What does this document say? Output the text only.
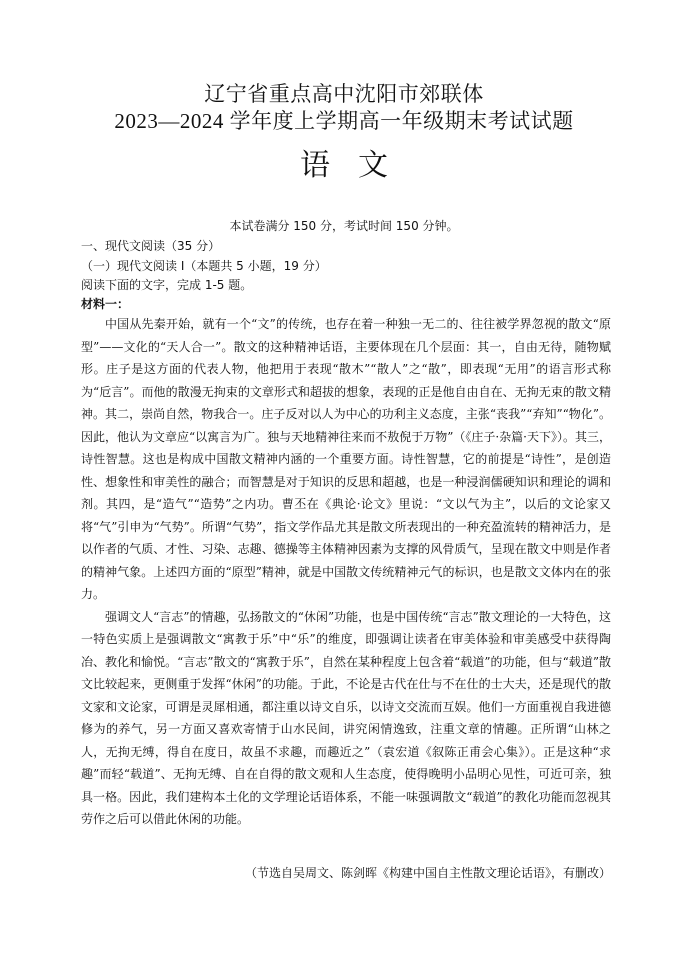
辽宁省重点高中沈阳市郊联体
2023—2024 学年度上学期高一年级期末考试试题
语文
本试卷满分 150 分，考试时间 150 分钟。
一、现代文阅读（35 分）
（一）现代文阅读 I（本题共 5 小题，19 分）
阅读下面的文字，完成 1-5 题。
材料一：

中国从先秦开始，就有一个“文”的传统，也存在着一种独一无二的、往往被学界忽视的散文“原型”——文化的“天人合一”。散文的这种精神话语，主要体现在几个层面：其一，自由无待，随物赋形。庄子是这方面的代表人物，他把用于表现“散木”“散人”之“散”，即表现“无用”的语言形式称为“卮言”。而他的散漫无拘束的文章形式和超拔的想象，表现的正是他自由自在、无拘无束的散文精神。其二，崇尚自然，物我合一。庄子反对以人为中心的功利主义态度，主张“丧我”“弃知”“物化”。因此，他认为文章应“以寓言为广。独与天地精神往来而不敖倪于万物”（《庄子·杂篇·天下》）。其三，诗性智慧。这也是构成中国散文精神内涵的一个重要方面。诗性智慧，它的前提是“诗性”，是创造性、想象性和审美性的融合；而智慧是对于知识的反思和超越，也是一种浸润儒硬知识和理论的调和剂。其四，是“造气”“造势”之内功。曹丕在《典论·论文》里说：“文以气为主”，以后的文论家又将“气”引申为“气势”。所谓“气势”，指文学作品尤其是散文所表现出的一种充盈流转的精神活力，是以作者的气质、才性、习染、志趣、德操等主体精神因素为支撑的风骨质气，呈现在散文中则是作者的精神气象。上述四方面的“原型”精神，就是中国散文传统精神元气的标识，也是散文文体内在的张力。

强调文人“言志”的情趣，弘扬散文的“休闲”功能，也是中国传统“言志”散文理论的一大特色，这一特色实质上是强调散文“寓教于乐”中“乐”的维度，即强调让读者在审美体验和审美感受中获得陶冶、教化和愉悦。“言志”散文的“寓教于乐”，自然在某种程度上包含着“载道”的功能，但与“载道”散文比较起来，更侧重于发挥“休闲”的功能。于此，不论是古代在仕与不在仕的士大夫，还是现代的散文家和文论家，可谓是灵犀相通，都注重以诗文自乐，以诗文交流而互娱。他们一方面重视自我进德修为的养气，另一方面又喜欢寄情于山水民间，讲究闲情逸致，注重文章的情趣。正所谓“山林之人，无拘无缚，得自在度日，故虽不求趣，而趣近之”（袁宏道《叙陈正甫会心集》）。正是这种“求趣”而轻“载道”、无拘无缚、自在自得的散文观和人生态度，使得晚明小品明心见性，可近可亲，独具一格。因此，我们建构本土化的文学理论话语体系，不能一味强调散文“载道”的教化功能而忽视其劳作之后可以借此休闲的功能。

（节选自吴周文、陈剑晖《构建中国自主性散文理论话语》，有删改）
